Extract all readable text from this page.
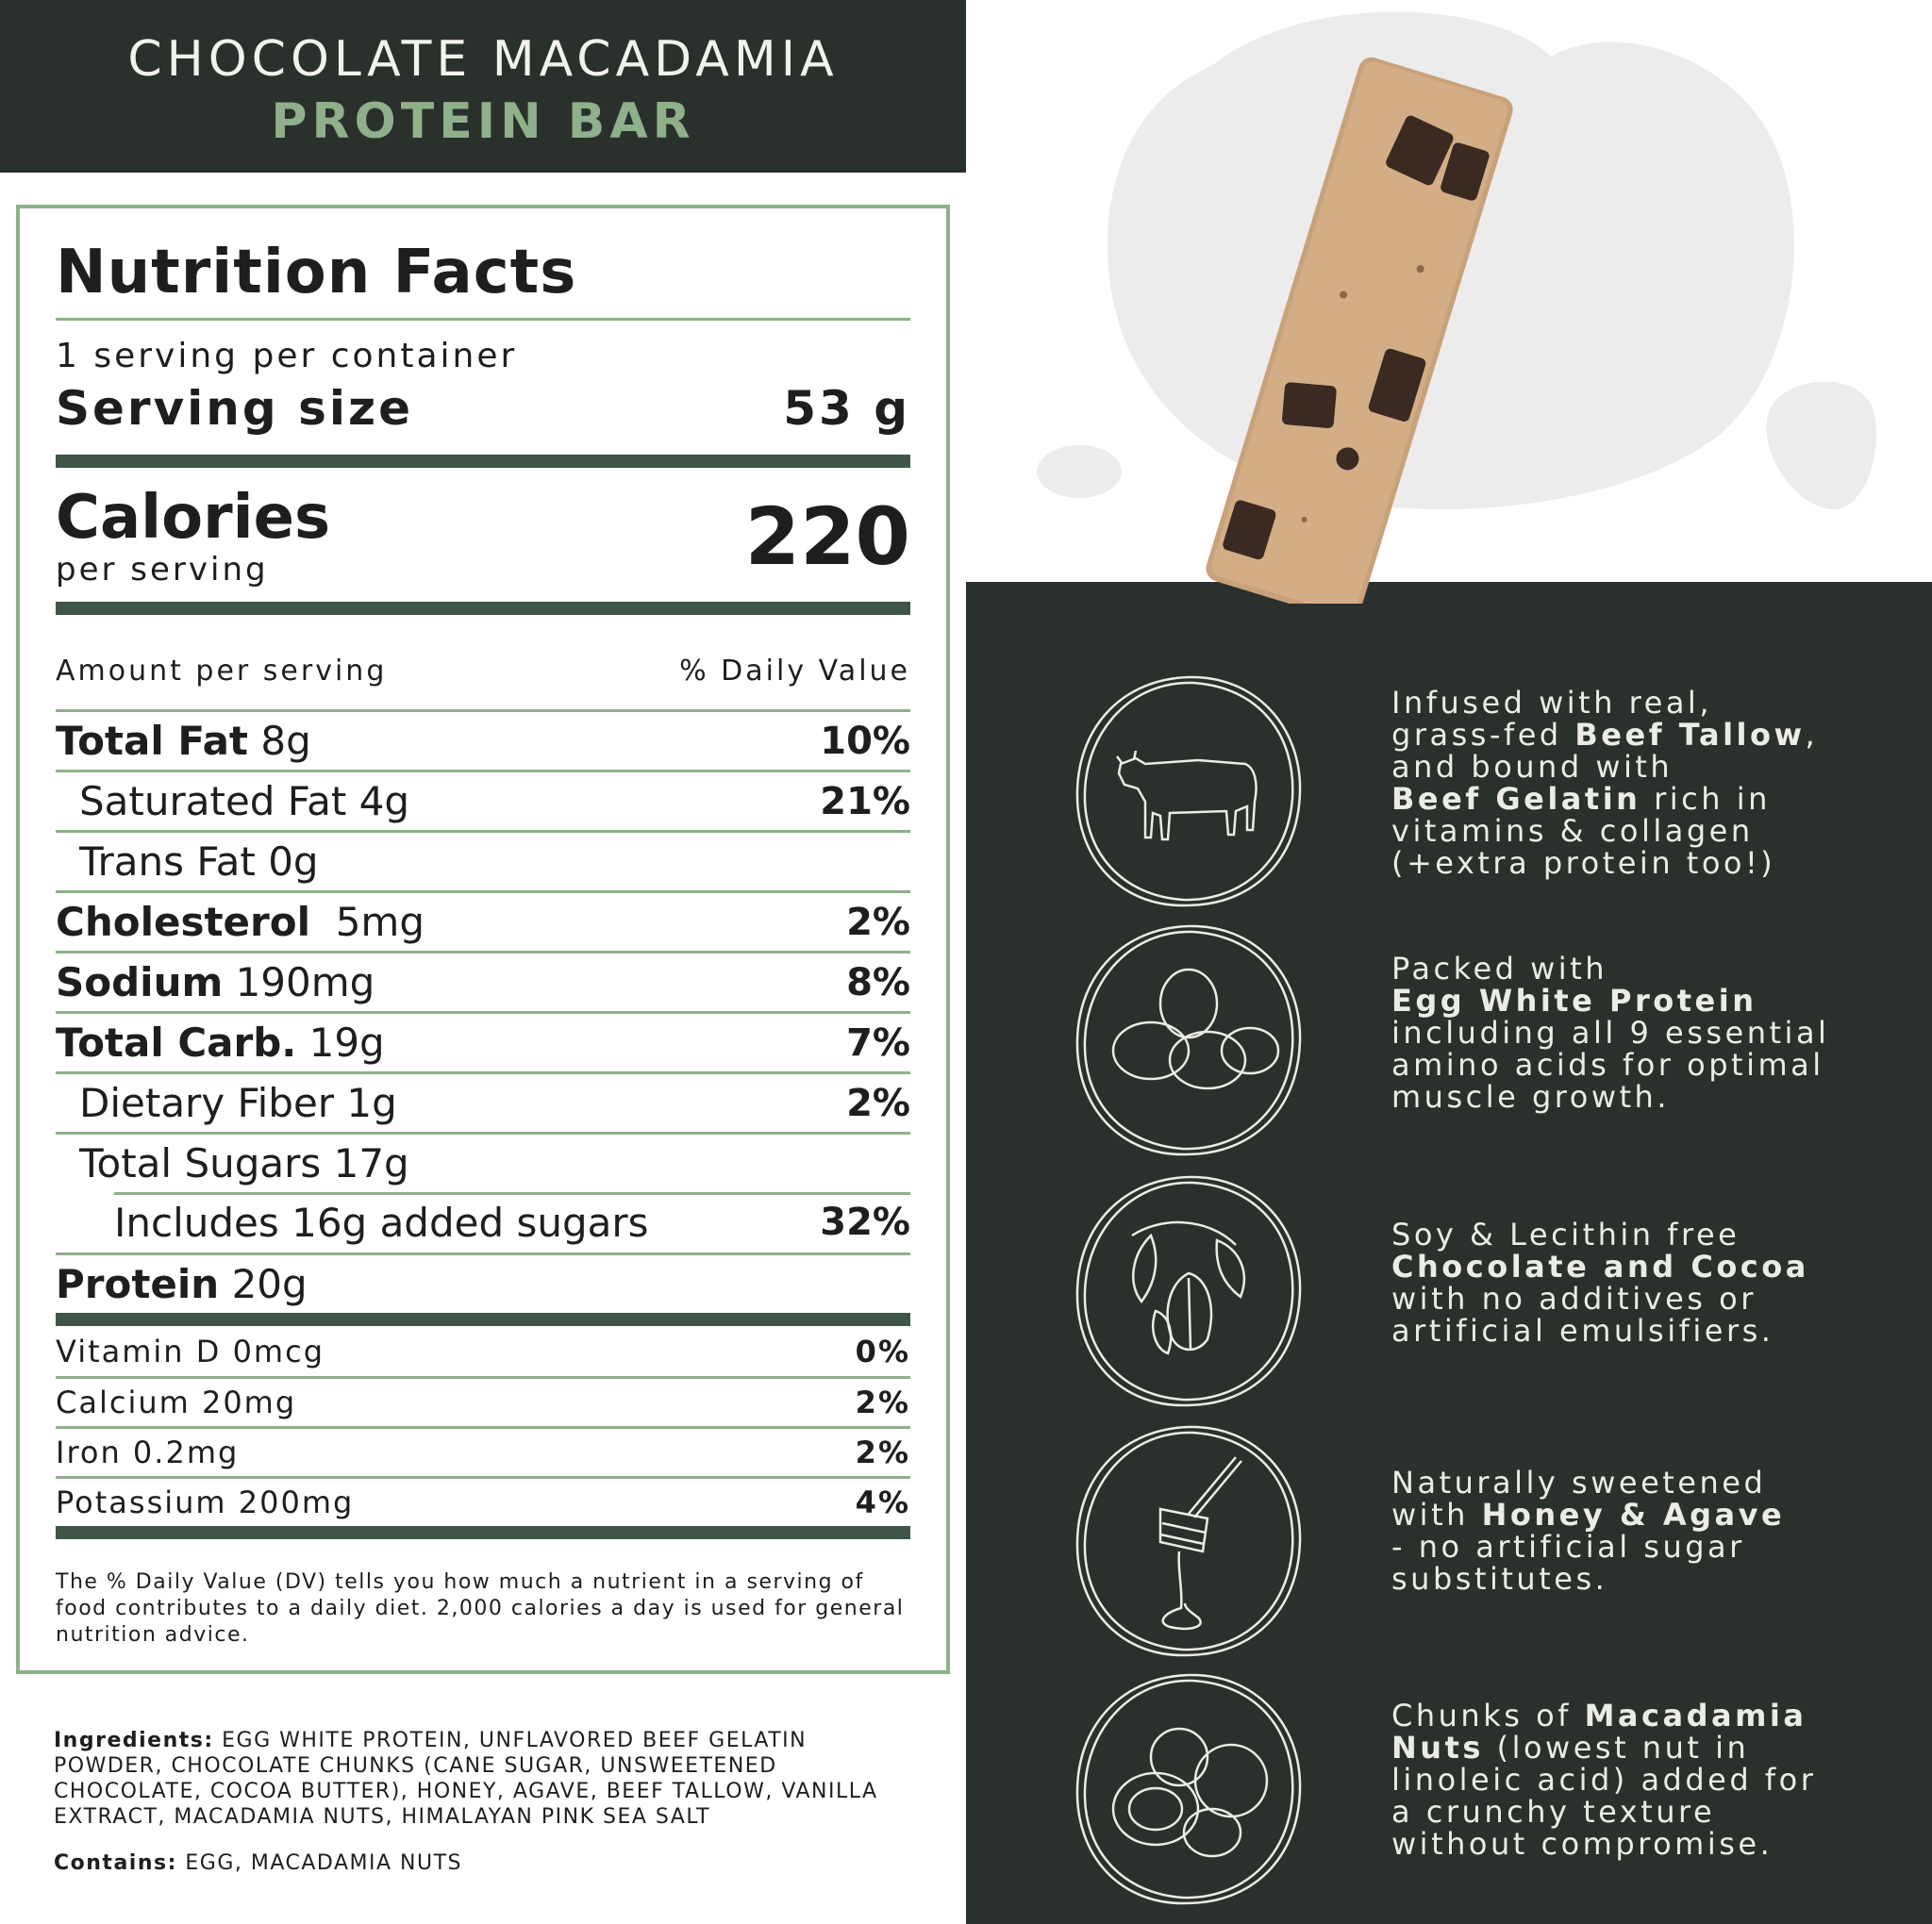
CHOCOLATE MACADAMIA
PROTEIN BAR
Nutrition Facts
1 serving per container
Serving size	53 g
Calories
per serving	220
Amount per serving	% Daily Value
Total Fat 8g	10%
Saturated Fat 4g	21%
Trans Fat 0g
Cholesterol  5mg	2%
Sodium 190mg	8%
Total Carb. 19g	7%
Dietary Fiber 1g	2%
Total Sugars 17g
Includes 16g added sugars	32%
Protein 20g
Vitamin D 0mcg	0%
Calcium 20mg	2%
Iron 0.2mg	2%
Potassium 200mg	4%
The % Daily Value (DV) tells you how much a nutrient in a serving of food contributes to a daily diet. 2,000 calories a day is used for general nutrition advice.
Ingredients: EGG WHITE PROTEIN, UNFLAVORED BEEF GELATIN POWDER, CHOCOLATE CHUNKS (CANE SUGAR, UNSWEETENED CHOCOLATE, COCOA BUTTER), HONEY, AGAVE, BEEF TALLOW, VANILLA EXTRACT, MACADAMIA NUTS, HIMALAYAN PINK SEA SALT
Contains: EGG, MACADAMIA NUTS
Infused with real,
grass-fed Beef Tallow,
and bound with
Beef Gelatin rich in
vitamins & collagen
(+extra protein too!)
Packed with
Egg White Protein
including all 9 essential
amino acids for optimal
muscle growth.
Soy & Lecithin free
Chocolate and Cocoa
with no additives or
artificial emulsifiers.
Naturally sweetened
with Honey & Agave
- no artificial sugar
substitutes.
Chunks of Macadamia
Nuts (lowest nut in
linoleic acid) added for
a crunchy texture
without compromise.
